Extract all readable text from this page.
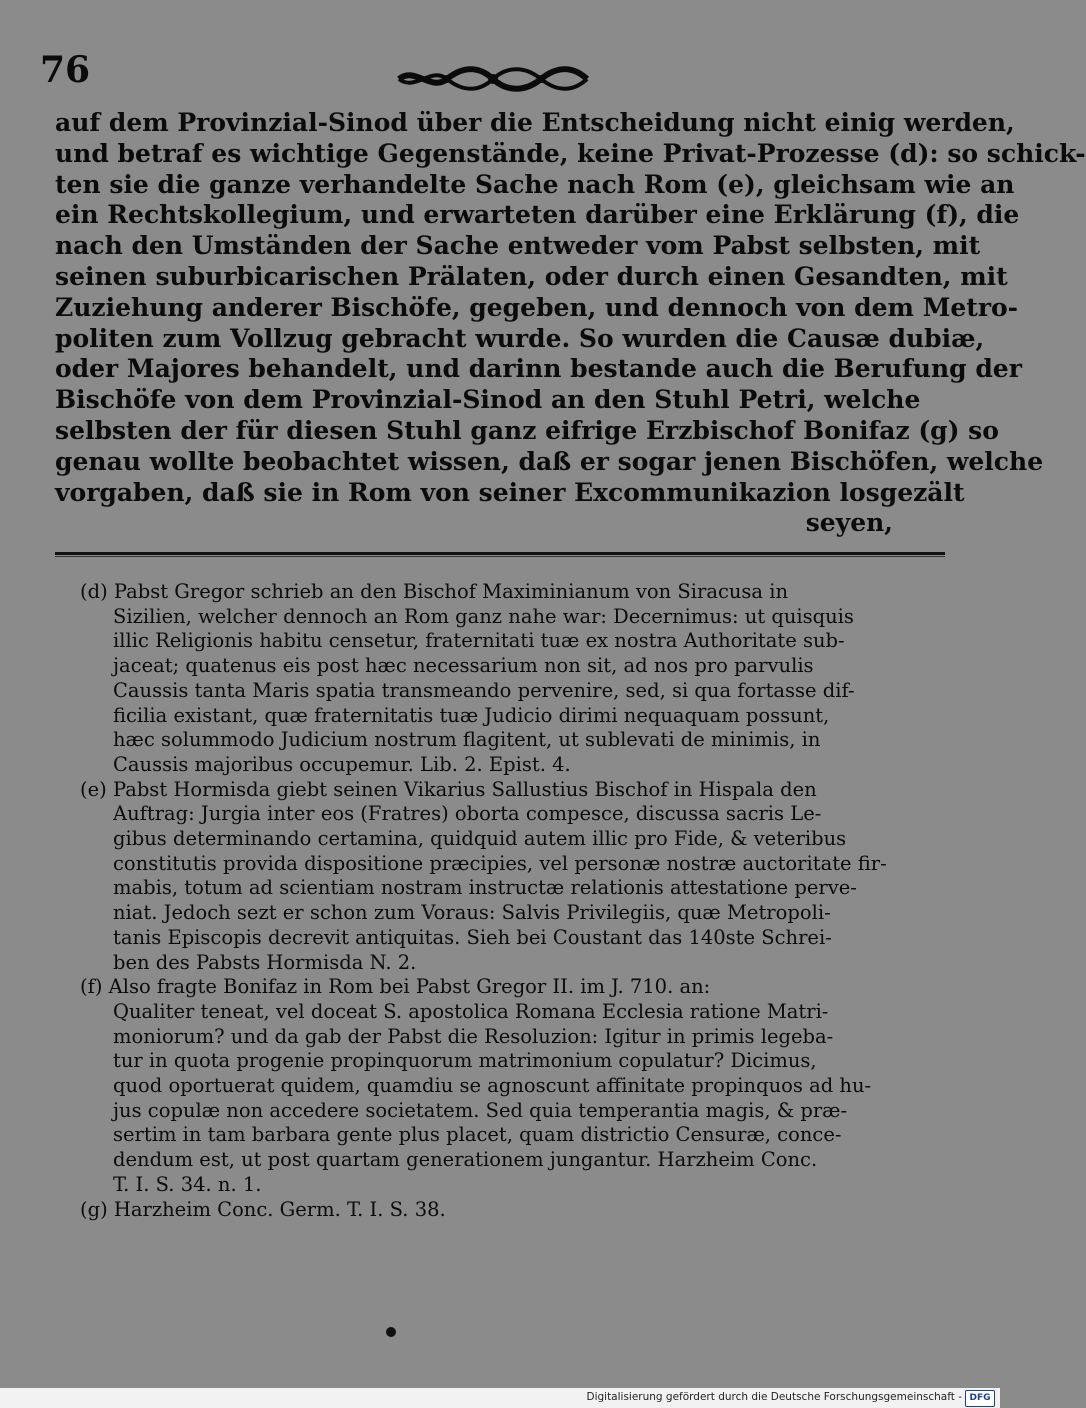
76
auf dem Provinzial-Sinod über die Entscheidung nicht einig werden,
und betraf es wichtige Gegenstände, keine Privat-Prozesse (d): so schick-
ten sie die ganze verhandelte Sache nach Rom (e), gleichsam wie an
ein Rechtskollegium, und erwarteten darüber eine Erklärung (f), die
nach den Umständen der Sache entweder vom Pabst selbsten, mit
seinen suburbicarischen Prälaten, oder durch einen Gesandten, mit
Zuziehung anderer Bischöfe, gegeben, und dennoch von dem Metro-
politen zum Vollzug gebracht wurde. So wurden die Causæ dubiæ,
oder Majores behandelt, und darinn bestande auch die Berufung der
Bischöfe von dem Provinzial-Sinod an den Stuhl Petri, welche
selbsten der für diesen Stuhl ganz eifrige Erzbischof Bonifaz (g) so
genau wollte beobachtet wissen, daß er sogar jenen Bischöfen, welche
vorgaben, daß sie in Rom von seiner Excommunikazion losgezält
seyen,
(d) Pabst Gregor schrieb an den Bischof Maximinianum von Siracusa in
Sizilien, welcher dennoch an Rom ganz nahe war: Decernimus: ut quisquis
illic Religionis habitu censetur, fraternitati tuæ ex nostra Authoritate sub-
jaceat; quatenus eis post hæc necessarium non sit, ad nos pro parvulis
Caussis tanta Maris spatia transmeando pervenire, sed, si qua fortasse dif-
ficilia existant, quæ fraternitatis tuæ Judicio dirimi nequaquam possunt,
hæc solummodo Judicium nostrum flagitent, ut sublevati de minimis, in
Caussis majoribus occupemur. Lib. 2. Epist. 4.
(e) Pabst Hormisda giebt seinen Vikarius Sallustius Bischof in Hispala den
Auftrag: Jurgia inter eos (Fratres) oborta compesce, discussa sacris Le-
gibus determinando certamina, quidquid autem illic pro Fide, & veteribus
constitutis provida dispositione præcipies, vel personæ nostræ auctoritate fir-
mabis, totum ad scientiam nostram instructæ relationis attestatione perve-
niat. Jedoch sezt er schon zum Voraus: Salvis Privilegiis, quæ Metropoli-
tanis Episcopis decrevit antiquitas. Sieh bei Coustant das 140ste Schrei-
ben des Pabsts Hormisda N. 2.
(f) Also fragte Bonifaz in Rom bei Pabst Gregor II. im J. 710. an:
Qualiter teneat, vel doceat S. apostolica Romana Ecclesia ratione Matri-
moniorum? und da gab der Pabst die Resoluzion: Igitur in primis legeba-
tur in quota progenie propinquorum matrimonium copulatur? Dicimus,
quod oportuerat quidem, quamdiu se agnoscunt affinitate propinquos ad hu-
jus copulæ non accedere societatem. Sed quia temperantia magis, & præ-
sertim in tam barbara gente plus placet, quam districtio Censuræ, conce-
dendum est, ut post quartam generationem jungantur. Harzheim Conc.
T. I. S. 34. n. 1.
(g) Harzheim Conc. Germ. T. I. S. 38.
Digitalisierung gefördert durch die Deutsche Forschungsgemeinschaft - DFG
